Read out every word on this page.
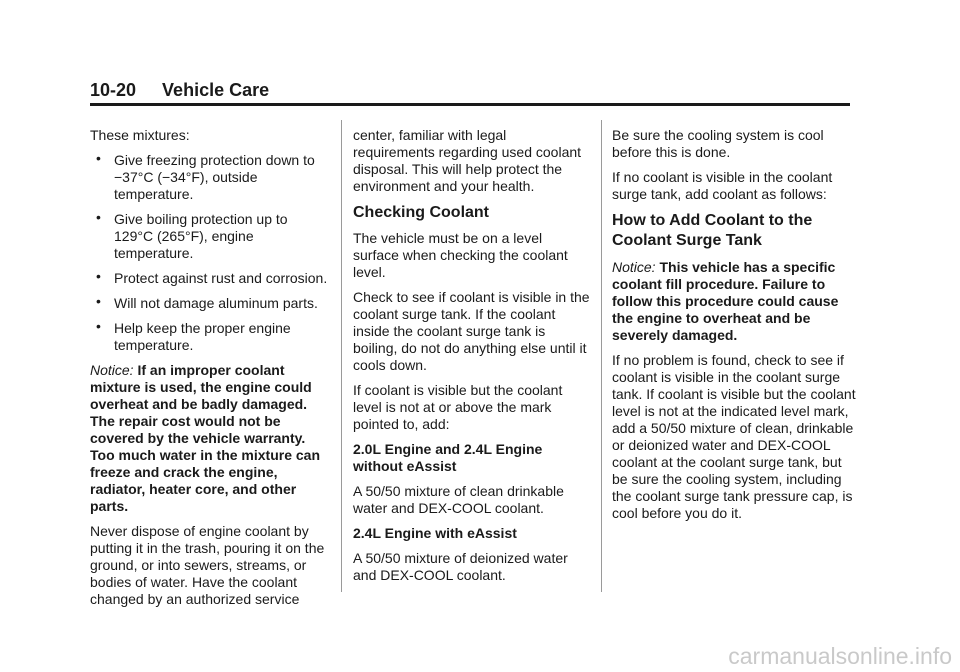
10-20 Vehicle Care

These mixtures:

• Give freezing protection down to −37°C (−34°F), outside temperature.
• Give boiling protection up to 129°C (265°F), engine temperature.
• Protect against rust and corrosion.
• Will not damage aluminum parts.
• Help keep the proper engine temperature.

Notice: If an improper coolant mixture is used, the engine could overheat and be badly damaged. The repair cost would not be covered by the vehicle warranty. Too much water in the mixture can freeze and crack the engine, radiator, heater core, and other parts.

Never dispose of engine coolant by putting it in the trash, pouring it on the ground, or into sewers, streams, or bodies of water. Have the coolant changed by an authorized service

center, familiar with legal requirements regarding used coolant disposal. This will help protect the environment and your health.

Checking Coolant

The vehicle must be on a level surface when checking the coolant level.

Check to see if coolant is visible in the coolant surge tank. If the coolant inside the coolant surge tank is boiling, do not do anything else until it cools down.

If coolant is visible but the coolant level is not at or above the mark pointed to, add:

2.0L Engine and 2.4L Engine without eAssist

A 50/50 mixture of clean drinkable water and DEX-COOL coolant.

2.4L Engine with eAssist

A 50/50 mixture of deionized water and DEX-COOL coolant.

Be sure the cooling system is cool before this is done.

If no coolant is visible in the coolant surge tank, add coolant as follows:

How to Add Coolant to the Coolant Surge Tank

Notice: This vehicle has a specific coolant fill procedure. Failure to follow this procedure could cause the engine to overheat and be severely damaged.

If no problem is found, check to see if coolant is visible in the coolant surge tank. If coolant is visible but the coolant level is not at the indicated level mark, add a 50/50 mixture of clean, drinkable or deionized water and DEX-COOL coolant at the coolant surge tank, but be sure the cooling system, including the coolant surge tank pressure cap, is cool before you do it.

carmanualsonline.info
